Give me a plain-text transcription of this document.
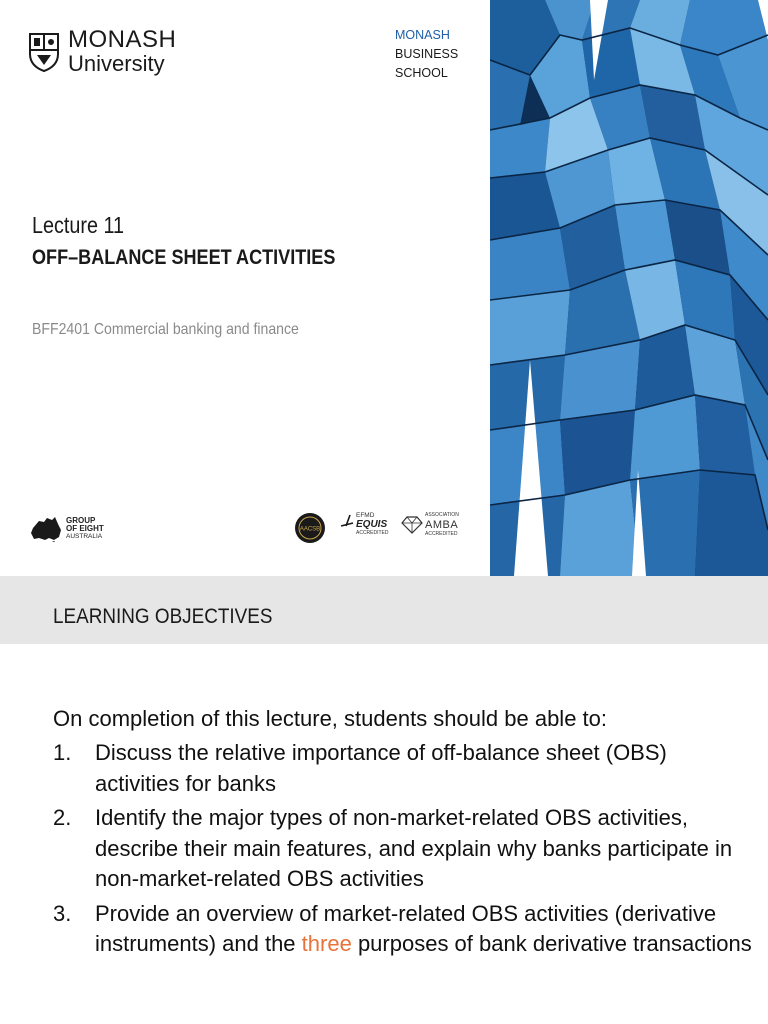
MONASH
University
MONASH
BUSINESS
SCHOOL
Lecture 11
OFF–BALANCE SHEET ACTIVITIES
BFF2401 Commercial banking and finance
GROUP
OF EIGHT
AUSTRALIA
AACSB
EFMD
EQUIS
ACCREDITED
ASSOCIATION
AMBA
ACCREDITED
LEARNING OBJECTIVES
On completion of this lecture, students should be able to:
1.	Discuss the relative importance of off-balance sheet (OBS) activities for banks
2.	Identify the major types of non-market-related OBS activities, describe their main features, and explain why banks participate in non-market-related OBS activities
3.	Provide an overview of market-related OBS activities (derivative instruments) and the three purposes of bank derivative transactions
